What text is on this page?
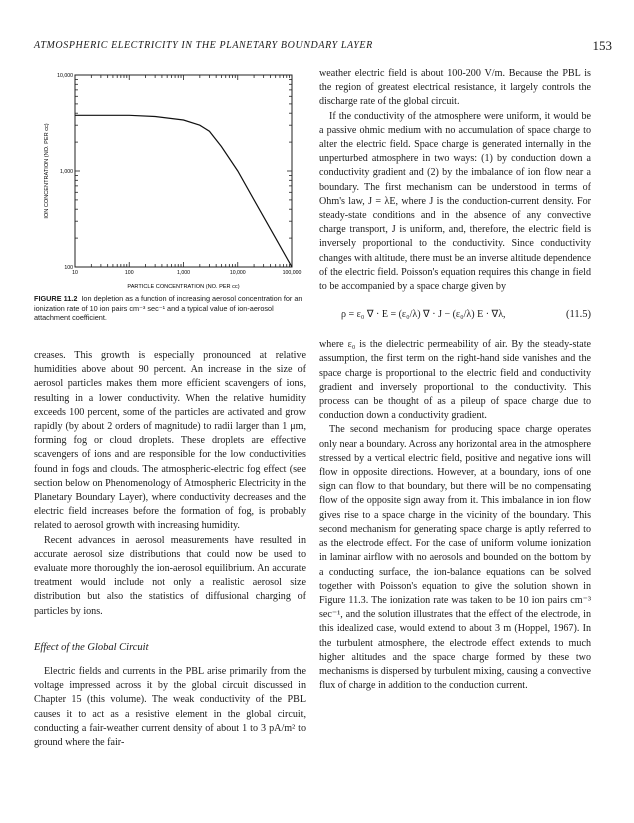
ATMOSPHERIC ELECTRICITY IN THE PLANETARY BOUNDARY LAYER	153
10	100	1,000	10,000	100,000
100
1,000
10,000
PARTICLE CONCENTRATION (NO. PER cc)
ION CONCENTRATION (NO. PER cc)
FIGURE 11.2 Ion depletion as a function of increasing aerosol concentration for an ionization rate of 10 ion pairs cm⁻³ sec⁻¹ and a typical value of ion-aerosol attachment coefficient.

creases. This growth is especially pronounced at relative humidities above about 90 percent. An increase in the size of aerosol particles makes them more efficient scavengers of ions, resulting in a lower conductivity. When the relative humidity exceeds 100 percent, some of the particles are activated and grow rapidly (by about 2 orders of magnitude) to radii larger than 1 μm, forming fog or cloud droplets. These droplets are effective scavengers of ions and are responsible for the low conductivities found in fogs and clouds. The atmospheric-electric fog effect (see section below on Phenomenology of Atmospheric Electricity in the Planetary Boundary Layer), where conductivity decreases and the electric field increases before the formation of fog, is probably related to aerosol growth with increasing humidity.

Recent advances in aerosol measurements have resulted in accurate aerosol size distributions that could now be used to evaluate more thoroughly the ion-aerosol equilibrium. An accurate treatment would include not only a realistic aerosol size distribution but also the statistics of diffusional charging of particles by ions.

Effect of the Global Circuit

Electric fields and currents in the PBL arise primarily from the voltage impressed across it by the global circuit discussed in Chapter 15 (this volume). The weak conductivity of the PBL causes it to act as a resistive element in the global circuit, conducting a fair-weather current density of about 1 to 3 pA/m² to ground where the fair-

weather electric field is about 100-200 V/m. Because the PBL is the region of greatest electrical resistance, it largely controls the discharge rate of the global circuit.

If the conductivity of the atmosphere were uniform, it would be a passive ohmic medium with no accumulation of space charge to alter the electric field. Space charge is generated internally in the unperturbed atmosphere in two ways: (1) by conduction down a conductivity gradient and (2) by the imbalance of ion flow near a boundary. The first mechanism can be understood in terms of Ohm's law, J = λE, where J is the conduction-current density. For steady-state conditions and in the absence of any convective charge transport, J is uniform, and, therefore, the electric field is inversely proportional to the conductivity. Since conductivity changes with altitude, there must be an inverse altitude dependence of the electric field. Poisson's equation requires this change in field to be accompanied by a space charge given by

ρ = ε₀ ∇ · E = (ε₀/λ) ∇ · J − (ε₀/λ) E · ∇λ,	(11.5)

where ε₀ is the dielectric permeability of air. By the steady-state assumption, the first term on the right-hand side vanishes and the space charge is proportional to the electric field and conductivity gradient and inversely proportional to the conductivity. This process can be thought of as a pileup of space charge due to conduction down a conductivity gradient.

The second mechanism for producing space charge operates only near a boundary. Across any horizontal area in the atmosphere stressed by a vertical electric field, positive and negative ions will flow in opposite directions. However, at a boundary, ions of one sign can flow to that boundary, but there will be no compensating flow of the opposite sign away from it. This imbalance in ion flow gives rise to a space charge in the vicinity of the boundary. This second mechanism for generating space charge is aptly referred to as the electrode effect. For the case of uniform volume ionization in laminar airflow with no aerosols and bounded on the bottom by a conducting surface, the ion-balance equations can be solved together with Poisson's equation to give the solution shown in Figure 11.3. The ionization rate was taken to be 10 ion pairs cm⁻³ sec⁻¹, and the solution illustrates that the effect of the electrode, in this idealized case, would extend to about 3 m (Hoppel, 1967). In the turbulent atmosphere, the electrode effect extends to much higher altitudes and the space charge formed by these two mechanisms is dispersed by turbulent mixing, causing a convective flux of charge in addition to the conduction current.
